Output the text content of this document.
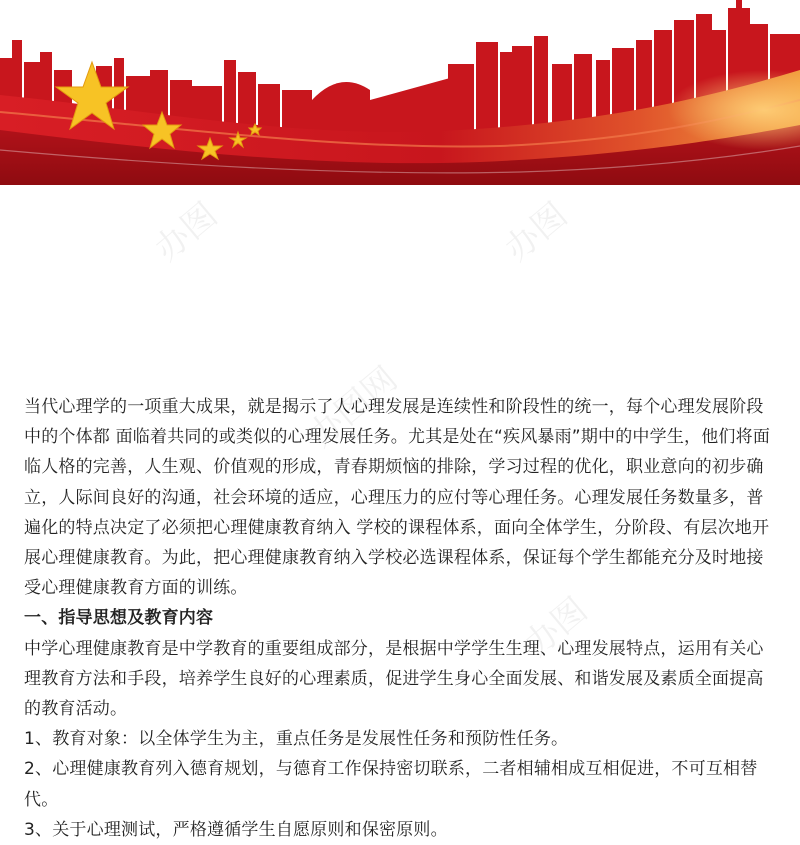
办图	办图
办图网
办图

当代心理学的一项重大成果，就是揭示了人心理发展是连续性和阶段性的统一，每个心理发展阶段中的个体都 面临着共同的或类似的心理发展任务。尤其是处在“疾风暴雨”期中的中学生，他们将面临人格的完善，人生观、价值观的形成，青春期烦恼的排除，学习过程的优化，职业意向的初步确立，人际间良好的沟通，社会环境的适应，心理压力的应付等心理任务。心理发展任务数量多，普遍化的特点决定了必须把心理健康教育纳入 学校的课程体系，面向全体学生，分阶段、有层次地开展心理健康教育。为此，把心理健康教育纳入学校必选课程体系，保证每个学生都能充分及时地接受心理健康教育方面的训练。

一、指导思想及教育内容

中学心理健康教育是中学教育的重要组成部分，是根据中学学生生理、心理发展特点，运用有关心理教育方法和手段，培养学生良好的心理素质，促进学生身心全面发展、和谐发展及素质全面提高的教育活动。

1、教育对象：以全体学生为主，重点任务是发展性任务和预防性任务。

2、心理健康教育列入德育规划，与德育工作保持密切联系，二者相辅相成互相促进，不可互相替代。

3、关于心理测试，严格遵循学生自愿原则和保密原则。
